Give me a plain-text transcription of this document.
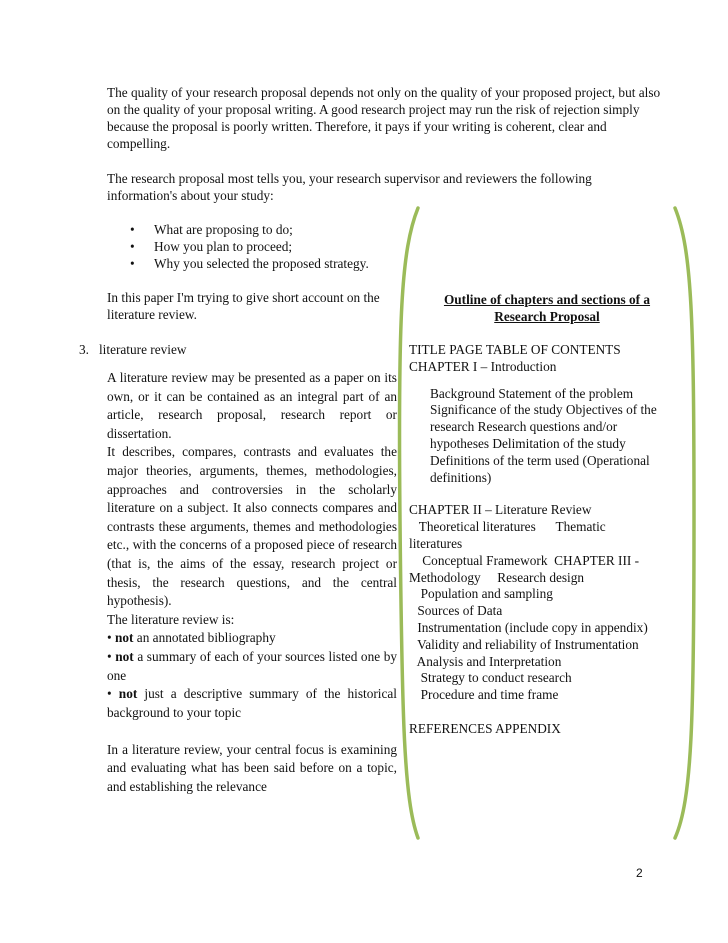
The quality of your research proposal depends not only on the quality of your proposed project, but also on the quality of your proposal writing. A good research project may run the risk of rejection simply because the proposal is poorly written. Therefore, it pays if your writing is coherent, clear and compelling.

The research proposal most tells you, your research supervisor and reviewers the following information's about your study:

• What are proposing to do;
• How you plan to proceed;
• Why you selected the proposed strategy.

In this paper I'm trying to give short account on the literature review.

3. literature review

A literature review may be presented as a paper on its own, or it can be contained as an integral part of an article, research proposal, research report or dissertation.

It describes, compares, contrasts and evaluates the major theories, arguments, themes, methodologies, approaches and controversies in the scholarly literature on a subject. It also connects compares and contrasts these arguments, themes and methodologies etc., with the concerns of a proposed piece of research (that is, the aims of the essay, research project or thesis, the research questions, and the central hypothesis).

The literature review is:

• not an annotated bibliography

• not a summary of each of your sources listed one by one

• not just a descriptive summary of the historical background to your topic

In a literature review, your central focus is examining and evaluating what has been said before on a topic, and establishing the relevance

Outline of chapters and sections of a
Research Proposal

TITLE PAGE TABLE OF CONTENTS

CHAPTER I – Introduction

Background Statement of the problem

Significance of the study Objectives of the

research Research questions and/or

hypotheses Delimitation of the study

Definitions of the term used (Operational

definitions)

CHAPTER II – Literature Review

Theoretical literatures      Thematic

literatures

Conceptual Framework  CHAPTER III -

Methodology     Research design

Population and sampling

Sources of Data

Instrumentation (include copy in appendix)

Validity and reliability of Instrumentation

Analysis and Interpretation

Strategy to conduct research

Procedure and time frame

REFERENCES APPENDIX

2
